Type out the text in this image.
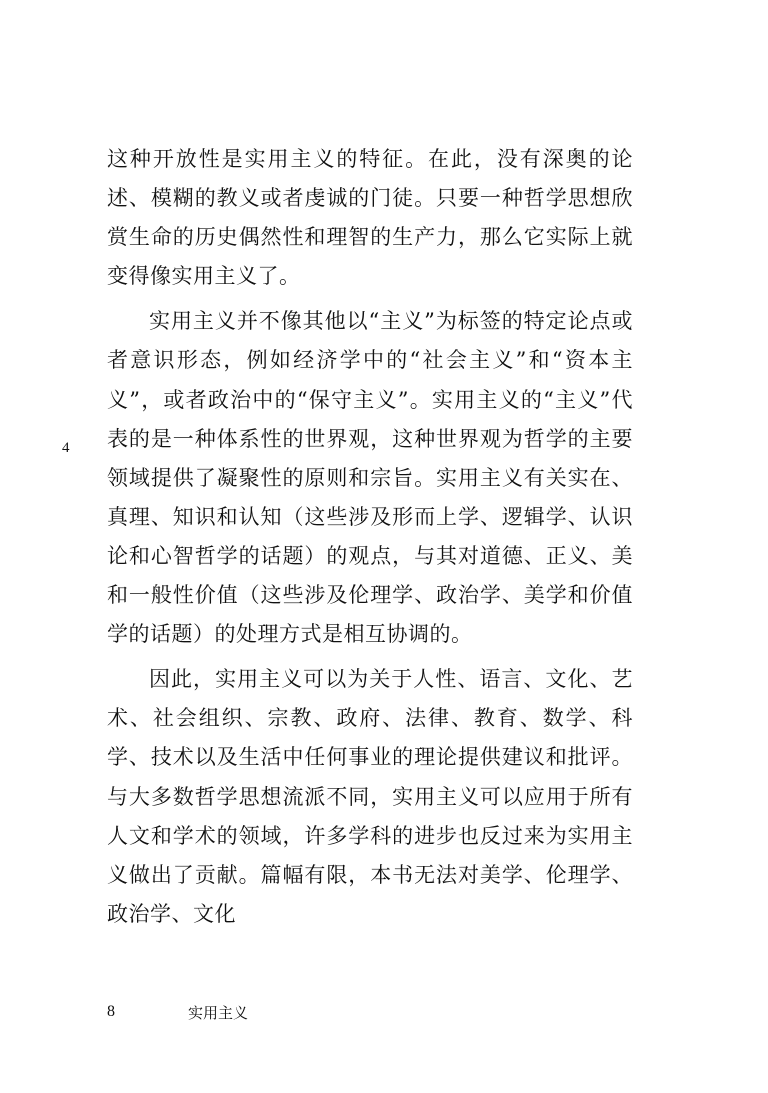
这种开放性是实用主义的特征。在此，没有深奥的论述、模糊的教义或者虔诚的门徒。只要一种哲学思想欣赏生命的历史偶然性和理智的生产力，那么它实际上就变得像实用主义了。

实用主义并不像其他以“主义”为标签的特定论点或者意识形态，例如经济学中的“社会主义”和“资本主义”，或者政治中的“保守主义”。实用主义的“主义”代表的是一种体系性的世界观，这种世界观为哲学的主要领域提供了凝聚性的原则和宗旨。实用主义有关实在、真理、知识和认知（这些涉及形而上学、逻辑学、认识论和心智哲学的话题）的观点，与其对道德、正义、美和一般性价值（这些涉及伦理学、政治学、美学和价值学的话题）的处理方式是相互协调的。

因此，实用主义可以为关于人性、语言、文化、艺术、社会组织、宗教、政府、法律、教育、数学、科学、技术以及生活中任何事业的理论提供建议和批评。与大多数哲学思想流派不同，实用主义可以应用于所有人文和学术的领域，许多学科的进步也反过来为实用主义做出了贡献。篇幅有限，本书无法对美学、伦理学、政治学、文化

4
8	实用主义
